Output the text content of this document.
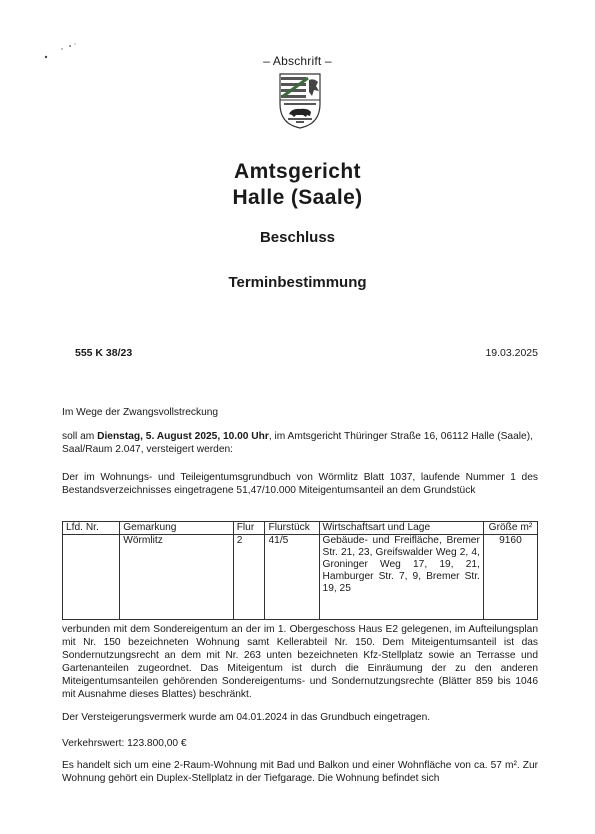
– Abschrift –
Amtsgericht
Halle (Saale)
Beschluss
Terminbestimmung
555 K 38/23	19.03.2025
Im Wege der Zwangsvollstreckung
soll am Dienstag, 5. August 2025, 10.00 Uhr, im Amtsgericht Thüringer Straße 16, 06112 Halle (Saale), Saal/Raum 2.047, versteigert werden:
Der im Wohnungs- und Teileigentumsgrundbuch von Wörmlitz Blatt 1037, laufende Nummer 1 des Bestandsverzeichnisses eingetragene 51,47/10.000 Miteigentumsanteil an dem Grundstück
Lfd. Nr.	Gemarkung	Flur	Flurstück	Wirtschaftsart und Lage	Größe m²
	Wörmlitz	2	41/5	Gebäude- und Freifläche, Bremer Str. 21, 23, Greifswalder Weg 2, 4, Groninger Weg 17, 19, 21, Hamburger Str. 7, 9, Bremer Str. 19, 25	9160
verbunden mit dem Sondereigentum an der im 1. Obergeschoss Haus E2 gelegenen, im Aufteilungsplan mit Nr. 150 bezeichneten Wohnung samt Kellerabteil Nr. 150. Dem Miteigentumsanteil ist das Sondernutzungsrecht an dem mit Nr. 263 unten bezeichneten Kfz-Stellplatz sowie an Terrasse und Gartenanteilen zugeordnet. Das Miteigentum ist durch die Einräumung der zu den anderen Miteigentumsanteilen gehörenden Sondereigentums- und Sondernutzungsrechte (Blätter 859 bis 1046 mit Ausnahme dieses Blattes) beschränkt.
Der Versteigerungsvermerk wurde am 04.01.2024 in das Grundbuch eingetragen.
Verkehrswert: 123.800,00 €
Es handelt sich um eine 2-Raum-Wohnung mit Bad und Balkon und einer Wohnfläche von ca. 57 m². Zur Wohnung gehört ein Duplex-Stellplatz in der Tiefgarage. Die Wohnung befindet sich
